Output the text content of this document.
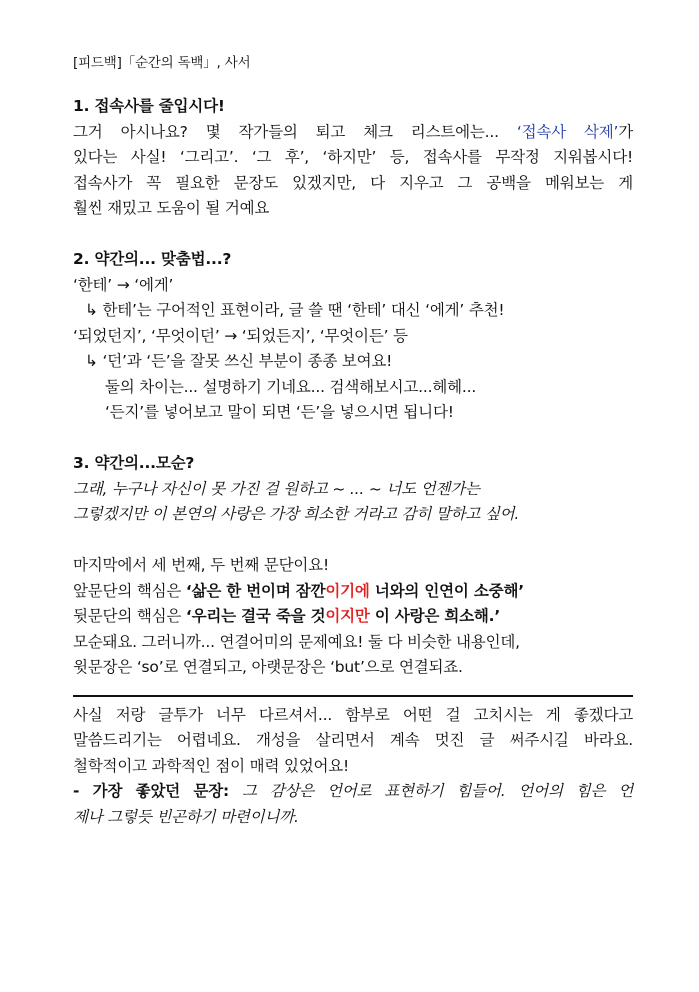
[피드백]「순간의 독백」, 사서
1. 접속사를 줄입시다!
그거 아시나요? 몇 작가들의 퇴고 체크 리스트에는... ‘접속사 삭제’가
있다는 사실! ‘그리고’. ‘그 후’, ‘하지만’ 등, 접속사를 무작정 지워봅시다!
접속사가 꼭 필요한 문장도 있겠지만, 다 지우고 그 공백을 메워보는 게
훨씬 재밌고 도움이 될 거예요
2. 약간의... 맞춤법...?
‘한테’ → ‘에게’
↳ 한테’는 구어적인 표현이라, 글 쓸 땐 ‘한테’ 대신 ‘에게’ 추천!
‘되었던지’, ‘무엇이던’ → ‘되었든지’, ‘무엇이든’ 등
↳ ‘던’과 ‘든’을 잘못 쓰신 부분이 종종 보여요!
둘의 차이는... 설명하기 기네요... 검색해보시고...헤헤...
‘든지’를 넣어보고 말이 되면 ‘든’을 넣으시면 됩니다!
3. 약간의...모순?
그래, 누구나 자신이 못 가진 걸 원하고 ~ ... ~ 너도 언젠가는
그렇겠지만 이 본연의 사랑은 가장 희소한 거라고 감히 말하고 싶어.
마지막에서 세 번째, 두 번째 문단이요!
앞문단의 핵심은 ‘삶은 한 번이며 잠깐이기에 너와의 인연이 소중해’
뒷문단의 핵심은 ‘우리는 결국 죽을 것이지만 이 사랑은 희소해.’
모순돼요. 그러니까... 연결어미의 문제예요! 둘 다 비슷한 내용인데,
윗문장은 ‘so’로 연결되고, 아랫문장은 ‘but’으로 연결되죠.
사실 저랑 글투가 너무 다르셔서... 함부로 어떤 걸 고치시는 게 좋겠다고
말씀드리기는 어렵네요. 개성을 살리면서 계속 멋진 글 써주시길 바라요.
철학적이고 과학적인 점이 매력 있었어요!
- 가장 좋았던 문장: 그 감상은 언어로 표현하기 힘들어. 언어의 힘은 언
제나 그렇듯 빈곤하기 마련이니까.
